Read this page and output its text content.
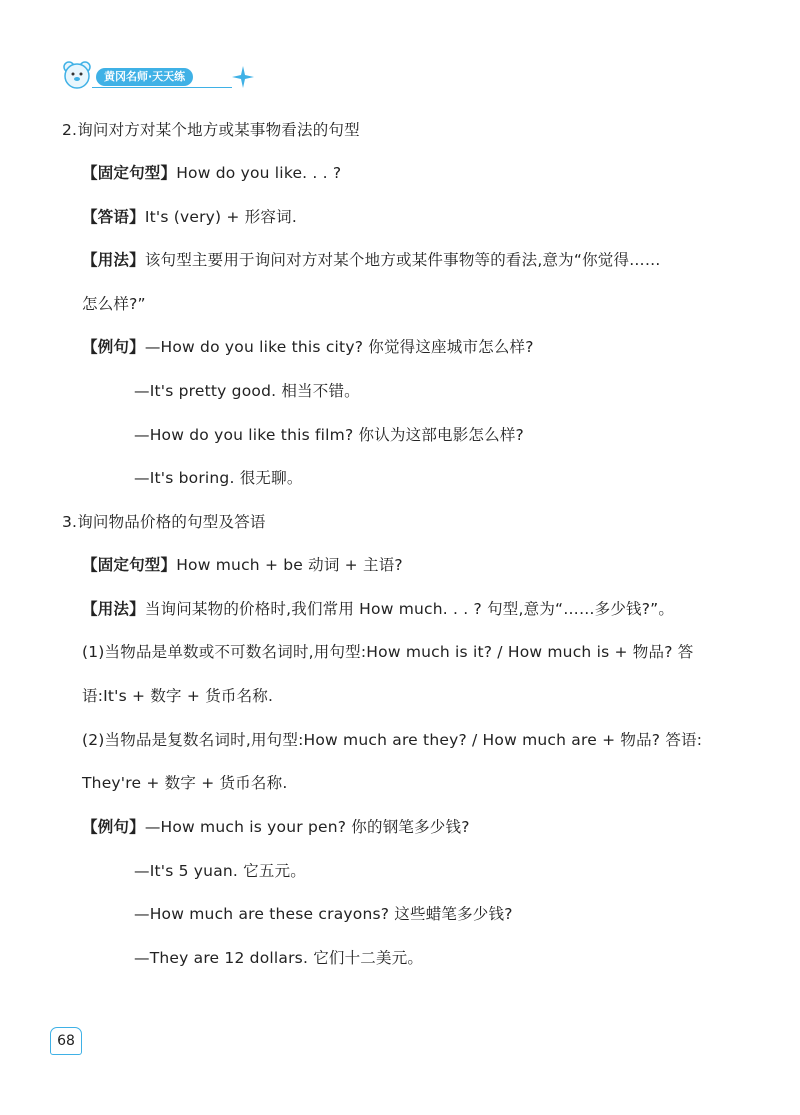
黄冈名师·天天练
2.询问对方对某个地方或某事物看法的句型
【固定句型】How do you like. . . ?
【答语】It's (very) + 形容词.
【用法】该句型主要用于询问对方对某个地方或某件事物等的看法,意为“你觉得……
怎么样?”
【例句】—How do you like this city? 你觉得这座城市怎么样?
—It's pretty good. 相当不错。
—How do you like this film? 你认为这部电影怎么样?
—It's boring. 很无聊。
3.询问物品价格的句型及答语
【固定句型】How much + be 动词 + 主语?
【用法】当询问某物的价格时,我们常用 How much. . . ? 句型,意为“……多少钱?”。
(1)当物品是单数或不可数名词时,用句型:How much is it? / How much is + 物品? 答
语:It's + 数字 + 货币名称.
(2)当物品是复数名词时,用句型:How much are they? / How much are + 物品? 答语:
They're + 数字 + 货币名称.
【例句】—How much is your pen? 你的钢笔多少钱?
—It's 5 yuan. 它五元。
—How much are these crayons? 这些蜡笔多少钱?
—They are 12 dollars. 它们十二美元。
68
